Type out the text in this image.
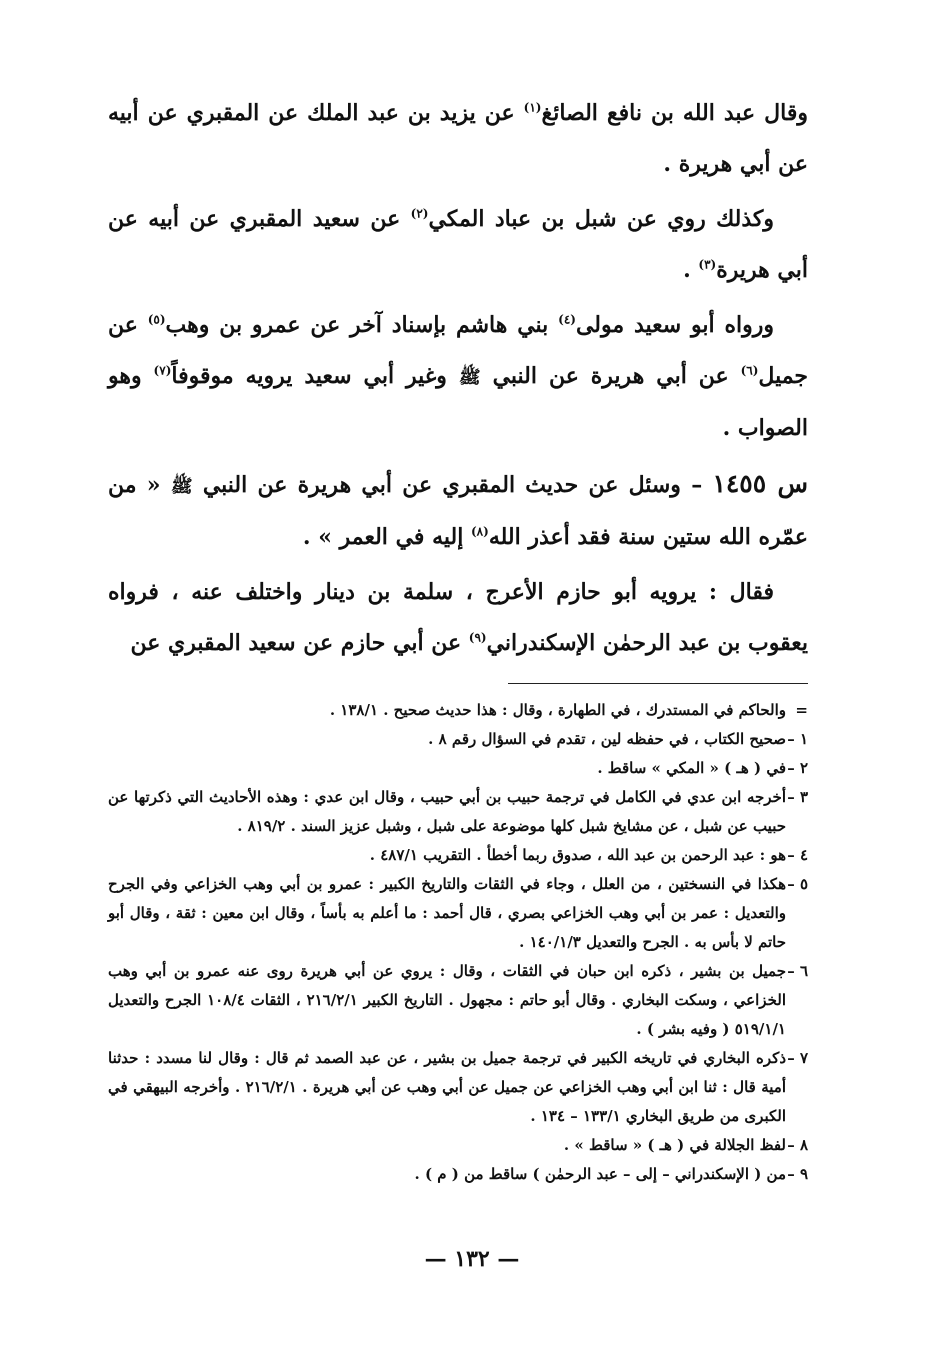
وقال عبد الله بن نافع الصائغ$^{(١)}$ عن يزيد بن عبد الملك عن المقبري عن أبيه عن أبي هريرة .

وكذلك روي عن شبل بن عباد المكي$^{(٢)}$ عن سعيد المقبري عن أبيه عن أبي هريرة$^{(٣)}$ .

ورواه أبو سعيد مولى$^{(٤)}$ بني هاشم بإسناد آخر عن عمرو بن وهب$^{(٥)}$ عن جميل$^{(٦)}$ عن أبي هريرة عن النبي ﷺ وغير أبي سعيد يرويه موقوفاً$^{(٧)}$ وهو الصواب .

س ١٤٥٥ – وسئل عن حديث المقبري عن أبي هريرة عن النبي ﷺ « من عمّره الله ستين سنة فقد أعذر الله$^{(٨)}$ إليه في العمر » .

فقال : يرويه أبو حازم الأعرج ، سلمة بن دينار واختلف عنه ، فرواه يعقوب بن عبد الرحمٰن الإسكندراني$^{(٩)}$ عن أبي حازم عن سعيد المقبري عن

=
والحاكم في المستدرك ، في الطهارة ، وقال : هذا حديث صحيح . ١٣٨/١ .
١ –
صحيح الكتاب ، في حفظه لين ، تقدم في السؤال رقم ٨ .
٢ –
في ( هـ ) « المكي » ساقط .
٣ –
أخرجه ابن عدي في الكامل في ترجمة حبيب بن أبي حبيب ، وقال ابن عدي : وهذه الأحاديث التي ذكرتها عن حبيب عن شبل ، عن مشايخ شبل كلها موضوعة على شبل ، وشبل عزيز السند . ٨١٩/٢ .
٤ –
هو : عبد الرحمن بن عبد الله ، صدوق ربما أخطأ . التقريب ٤٨٧/١ .
٥ –
هكذا في النسختين ، من العلل ، وجاء في الثقات والتاريخ الكبير : عمرو بن أبي وهب الخزاعي وفي الجرح والتعديل : عمر بن أبي وهب الخزاعي بصري ، قال أحمد : ما أعلم به بأساً ، وقال ابن معين : ثقة ، وقال أبو حاتم لا بأس به . الجرح والتعديل ١٤٠/١/٣ .
٦ –
جميل بن بشير ، ذكره ابن حبان في الثقات ، وقال : يروي عن أبي هريرة روى عنه عمرو بن أبي وهب الخزاعي ، وسكت البخاري . وقال أبو حاتم : مجهول . التاريخ الكبير ٢١٦/٢/١ ، الثقات ١٠٨/٤ الجرح والتعديل ٥١٩/١/١ ( وفيه بشر ) .
٧ –
ذكره البخاري في تاريخه الكبير في ترجمة جميل بن بشير ، عن عبد الصمد ثم قال : وقال لنا مسدد : حدثنا أمية قال : ثنا ابن أبي وهب الخزاعي عن جميل عن أبي وهب عن أبي هريرة . ٢١٦/٢/١ . وأخرجه البيهقي في الكبرى من طريق البخاري ١٣٣/١ – ١٣٤ .
٨ –
لفظ الجلالة في ( هـ ) « ساقط » .
٩ –
من ( الإسكندراني – إلى – عبد الرحمٰن ) ساقط من ( م ) .
— ١٣٢ —
